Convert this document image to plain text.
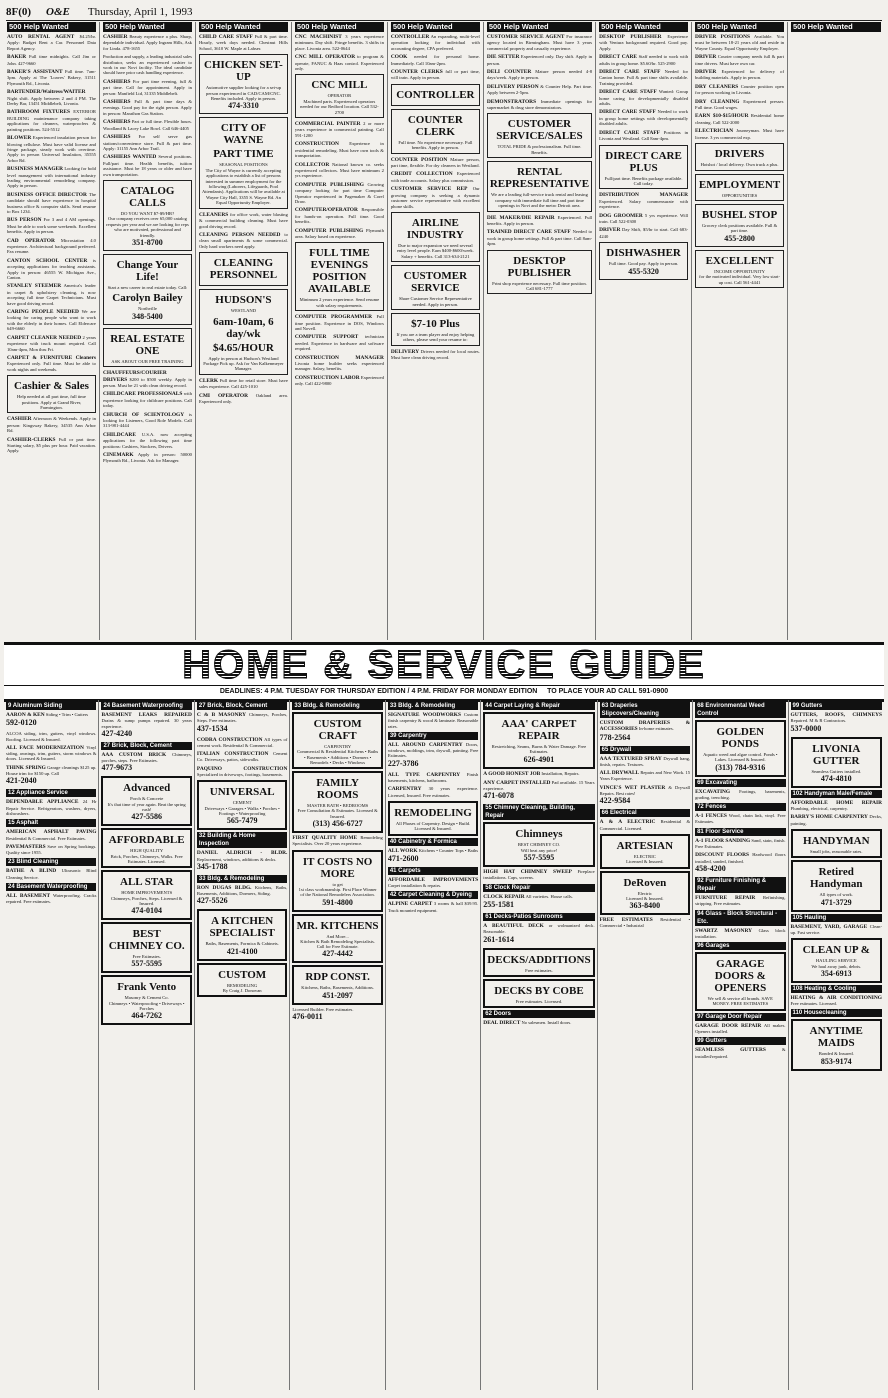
8F(0)	O&E Thursday, April 1, 1993
500 Help Wanted
AUTO RENTAL AGENT $4.25/hr. Apply: Budget Rent a Car. Personnel Data Report Agency.
BAKER Full time midnights. Call Jim or John. 427-9660
BAKER'S ASSISTANT Full time. 7am-3pm. Apply at The 'Loaves' Bakery, 31511 Plymouth Rd., Livonia.
BARTENDER/Waitress/WAITER Night shift. Apply between 2 and 4 PM. The Derby Bar, 13451 Middlebelt, Livonia.
BATHROOM FIXTURES EXTERIOR BUILDING maintenance company taking applications for cleaners, waterproofers & painting positions. 524-5512
BLOWER Experienced insulation person for blowing cellulose. Must have valid license and fringe package, steady work with overtime. Apply in person Universal Insulation, 35555 Arbor Rd.
BUSINESS MANAGER Looking for bold level management with international industry leading environmental remodeling company. Apply in person.
BUSINESS OFFICE DIRECTOR The candidate should have experience in hospital business office & computer skills. Send resume to Box 1234.
BUS PERSON For 3 and 4 AM openings. Must be able to work some weekends. Excellent benefits. Apply in person.
CAD OPERATOR Microstation 4.0 experience. Architectural background preferred. Fax resume.
CANTON SCHOOL CENTER is accepting applications for teaching assistants. Apply in person: 46555 W. Michigan Ave., Canton.
STANLEY STEEMER America's leader in carpet & upholstery cleaning, is now accepting full time Carpet Technicians. Must have good driving record.
CARING PEOPLE NEEDED We are looking for caring people who want to work with the elderly in their homes. Call Eldercare 649-6660
CARPET CLEANER NEEDED 2 years experience with truck mount required. Call 10am-4pm, Mon thru Fri.
CARPET & FURNITURE Cleaners Experienced only. Full time. Must be able to work nights and weekends.
Cashier & Sales
Help needed at all part time, full time positions. Apply at Grand River, Farmington.
CASHIER Afternoon & Weekends. Apply in person: Kingsway Bakery, 34535 Ann Arbor Rd.
CASHIER-CLERKS Full or part time. Starting salary, $5 plus per hour. Paid vacation. Apply.
500 Help Wanted
CASHIER Beauty experience a plus. Sharp, dependable individual. Apply Ingram Hills, Ask for Linda. 478-1655
Production and supply, a leading industrial sales distributor, seeks an experienced cashier to work in our Novi facility. The ideal candidate should have prior cash handling experience.
CASHIERS For part time evening, full & part time. Call for appointment. Apply in person: Manfield Ltd, 31335 Middlebelt.
CASHIERS Full & part time days & evenings. Good pay for the right person. Apply in person: Marathon Gas Station.
CASHIERS Part or full time. Flexible hours. Woodland & Lacey Lake Bowl. Call 646-4405
CASHIERS For self serve gas stations/convenience store. Full & part time. Apply: 31155 Ann Arbor Trail.
CASHIERS WANTED Several positions. Full/part time. Health benefits, tuition assistance. Must be 18 years or older and have own transportation.
CATALOG CALLS
DO YOU WANT $7-$9/HR?
Our company receives over 65,000 catalog requests per year and we are looking for reps who are motivated, professional and friendly.
351-8700
Change Your Life!
Start a new career in real estate today. Call:
Carolyn Bailey
Northville
348-5400
REAL ESTATE ONE
ASK ABOUT OUR FREE TRAINING
CHAUFFEURS/COURIER DRIVERS $200 to $500 weekly. Apply in person. Must be 21 with clean driving record.
CHILDCARE PROFESSIONALS with experience looking for childcare positions. Call today.
CHURCH OF SCIENTOLOGY is looking for Listeners, Good Role Models. Call 313-981-4444
CHILDCARE U.S.A. now accepting applications for the following part time positions: Cashiers, Stockers, Drivers.
CINEMARK Apply in person: 50000 Plymouth Rd., Livonia. Ask for Manager.
500 Help Wanted
CHILD CARE STAFF Full & part time. Hourly, week days needed. Chestnut Hills School, 3610 W. Maple at Lahser.
CHICKEN SET-UP
Automotive supplier looking for a set-up person experienced in CAD/CAM/CNC. Benefits included. Apply in person.
474-3310
CITY OF WAYNE
PART TIME
SEASONAL POSITIONS
The City of Wayne is currently accepting applications to establish a list of persons interested in summer employment for the following (Laborers, Lifeguards, Pool Attendants). Applications will be available at Wayne City Hall, 3355 S. Wayne Rd. An Equal Opportunity Employer.
CLEANERS for office work, water blasting & commercial building cleaning. Must have good driving record.
CLEANING PERSON NEEDED to clean small apartments & some commercial. Only hard workers need apply.
CLEANING PERSONNEL
HUDSON'S
WESTLAND
6am-10am, 6 day/wk
$4.65/HOUR
Apply in person at Hudson's Westland Package Pick up. Ask for Van Kalkenmeyer Manager.
CLERK Full time for retail store. Must have sales experience. Call 425-1010
CMI OPERATOR Oakland area. Experienced only.
500 Help Wanted
CNC MACHINIST 3 years experience minimum. Day shift. Fringe benefits. 3 shifts in place. Livonia area. 522-0644
CNC MILL OPERATOR to program & operate, FANUC & Haas control. Experienced only.
CNC MILL
OPERATOR
Machined parts. Experienced operators needed for our Redford location. Call 532-2700
COMMERCIAL PAINTER 2 or more years experience in commercial painting. Call 591-1200
CONSTRUCTION Experience in residential remodeling. Must have own tools & transportation.
COLLECTOR National known co. seeks experienced collectors. Must have minimum 2 yrs experience.
COMPUTER PUBLISHING Growing company looking for part time Computer Operator experienced in Pagemaker & Corel Draw.
COMPUTER/OPERATOR Responsible for hands-on operation. Full time. Good benefits.
COMPUTER PUBLISHING Plymouth area. Salary based on experience.
FULL TIME EVENINGS POSITION AVAILABLE
Minimum 2 years experience. Send resume with salary requirements.
COMPUTER PROGRAMMER Full time position. Experience in DOS, Windows and Novell.
COMPUTER SUPPORT technician needed. Experience in hardware and software required.
CONSTRUCTION MANAGER Livonia home builder seeks experienced manager. Salary, benefits.
CONSTRUCTION LABOR Experienced only. Call 422-9800
500 Help Wanted
CONTROLLER An expanding, multi-level operation looking for individual with accounting degree, CPA preferred.
COOK needed for personal home. Immediately. Call 10am-2pm.
COUNTER CLERKS full or part time, will train. Apply in person.
CONTROLLER
COUNTER CLERK
Full time. No experience necessary. Full benefits. Apply in person.
COUNTER POSITION Mature person, part time, flexible. For dry cleaners in Westland.
CREDIT COLLECTION Experienced with trade accounts. Salary plus commission.
CUSTOMER SERVICE REP Our growing company is seeking a dynamic customer service representative with excellent phone skills.
AIRLINE INDUSTRY
Due to major expansion we need several entry level people. Earn $400-$600/week. Salary + benefits. Call 313-634-2121
CUSTOMER SERVICE
Share Customer Service Representative needed. Apply in person.
$7-10 Plus
If you are a team player and enjoy helping others, please send your resume to:
DELIVERY Drivers needed for local routes. Must have clean driving record.
500 Help Wanted
CUSTOMER SERVICE AGENT For insurance agency located in Birmingham. Must have 3 years commercial property and casualty experience.
DIE SETTER Experienced only. Day shift. Apply in person.
DELI COUNTER Mature person needed 4-8 days/week. Apply in person.
DELIVERY PERSON & Counter Help. Part time. Apply between 2-5pm.
DEMONSTRATORS Immediate openings for supermarket & drug store demonstrators.
CUSTOMER SERVICE/SALES
TOTAL PRIDE & professionalism. Full time. Benefits.
RENTAL REPRESENTATIVE
We are a leading full-service truck rental and leasing company with immediate full time and part time openings in Novi and the metro Detroit area.
DIE MAKER/DIE REPAIR Experienced. Full benefits. Apply in person.
TRAINED DIRECT CARE STAFF Needed to work in group home settings. Full & part time. Call 8am-4pm.
DESKTOP PUBLISHER
Print shop experience necessary. Full time position. Call 681-1777
500 Help Wanted
DESKTOP PUBLISHER Experience with Ventura background required. Good pay. Apply.
DIRECT CARE Staff needed to work with adults in group home. $5.60/hr. 525-2900
DIRECT CARE STAFF Needed for Canton home. Full & part time shifts available. Training provided.
DIRECT CARE STAFF Wanted: Group home caring for developmentally disabled adults.
DIRECT CARE STAFF Needed to work in group home settings with developmentally disabled adults.
DIRECT CARE STAFF Positions in Livonia and Westland. Call 8am-4pm.
DIRECT CARE PLUS
Full/part time. Benefits package available. Call today.
DISTRIBUTION MANAGER Experienced. Salary commensurate with experience.
DOG GROOMER 5 yrs experience. Will train. Call 522-0300
DRIVER Day Shift, $5/hr to start. Call 683-4240
DISHWASHER
Full time. Good pay. Apply in person.
455-5320
500 Help Wanted
DRIVER POSITIONS Available. You must be between 18-21 years old and reside in Wayne County. Equal Opportunity Employer.
DRIVER Courier company needs full & part time drivers. Must have own car.
DRIVER Experienced for delivery of building materials. Apply in person.
DRY CLEANERS Counter position open for person working in Livonia.
DRY CLEANING Experienced presser. Full time. Good wages.
EARN $10-$15/HOUR Residential home cleaning. Call 522-2000
ELECTRICIAN Journeyman. Must have license. 3 yrs commercial exp.
DRIVERS
Hotshot / local delivery. Own truck a plus.
EMPLOYMENT
OPPORTUNITIES
BUSHEL STOP
Grocery clerk positions available. Full & part time.
455-2800
EXCELLENT
INCOME OPPORTUNITY
for the motivated individual. Very low start-up cost. Call 561-4441
500 Help Wanted
HOME & SERVICE GUIDE
DEADLINES: 4 P.M. TUESDAY FOR THURSDAY EDITION / 4 P.M. FRIDAY FOR MONDAY EDITION TO PLACE YOUR AD CALL 591-0900
9 Aluminum Siding
AARON & KEN Siding • Trim • Gutters
592-0120
ALCOA siding, trim, gutters, vinyl windows. Roofing. Licensed & Insured.
ALL FACE MODERNIZATION Vinyl siding, awnings, trim, gutters, storm windows & doors. Licensed & Insured.
THINK SPRING Garage cleanings $125 up. House trim for $150 up. Call
421-2040
12 Appliance Service
DEPENDABLE APPLIANCE 24 Hr Repair Service. Refrigerators, washers, dryers, dishwashers.
15 Asphalt
AMERICAN ASPHALT PAVING Residential & Commercial. Free Estimates.
PAVEMASTERS Save on Spring bookings. Quality since 1955.
23 Blind Cleaning
BATHE A BLIND Ultrasonic Blind Cleaning Service.
24 Basement Waterproofing
ALL BASEMENT Waterproofing. Cracks repaired. Free estimates.
24 Basement Waterproofing
BASEMENT LEAKS REPAIRED Drains & sump pumps repaired. 30 years experience.
427-4240
27 Brick, Block, Cement
AAA CUSTOM BRICK Chimneys, porches, steps. Free Estimates.
477-9673
Advanced
Porch & Concrete
It's that time of year again. Beat the spring rush!
427-5586
AFFORDABLE
HIGH QUALITY
Brick, Porches, Chimneys, Walks. Free Estimates. Licensed.
ALL STAR
HOME IMPROVEMENTS
Chimneys, Porches, Steps. Licensed & Insured.
474-0104
BEST CHIMNEY CO.
Free Estimates.
557-5595
Frank Vento
Masonry & Cement Co.
Chimneys • Waterproofing • Driveways • Porches
464-7262
27 Brick, Block, Cement
C & B MASONRY Chimneys, Porches, Steps. Free estimates.
437-1534
CODRA CONSTRUCTION All types of cement work. Residential & Commercial.
ITALIAN CONSTRUCTION Cement Co. Driveways, patios, sidewalks.
PAQUINO CONSTRUCTION Specialized in driveways, footings, basements.
UNIVERSAL
CEMENT
Driveways • Garages • Walks • Porches • Footings • Waterproofing
565-7479
32 Building & Home Inspection
DANIEL ALDRICH - BLDR. Replacement, windows, additions & decks.
345-1788
33 Bldg. & Remodeling
RON DUGAS BLDG. Kitchens, Baths, Basements, Additions, Dormers, Siding.
427-5526
A KITCHEN SPECIALIST
Baths, Basements, Formica & Cabinets.
421-4100
CUSTOM
REMODELING
By Craig J. Donovan
33 Bldg. & Remodeling
CUSTOM CRAFT
CARPENTRY
Commercial & Residential Kitchens • Baths • Basements • Additions • Dormers • Remodels • Decks • Windows
FAMILY ROOMS
MASTER BATH • BEDROOMS
Free Consultation & Estimates. Licensed & Insured.
(313) 456-6727
FIRST QUALITY HOME Remodeling Specialists. Over 20 years experience.
IT COSTS NO MORE
to get
1st class workmanship. First Place Winner of the National Remodelers Association.
591-4800
MR. KITCHENS
And More...
Kitchen & Bath Remodeling Specialists. Call for Free Estimate.
427-4442
RDP CONST.
Kitchens, Baths, Basements, Additions.
451-2097
Licensed Builder. Free estimates.
476-0011
33 Bldg. & Remodeling
SIGNATURE WOODWORKS Custom finish carpentry & wood & laminate. Reasonable rates.
39 Carpentry
ALL AROUND CARPENTRY Doors, windows, moldings, trim, drywall, painting. Free Estimates.
227-3786
ALL TYPE CARPENTRY Finish basements, kitchens, bathrooms.
CARPENTRY 30 years experience. Licensed, Insured. Free estimates.
REMODELING
All Phases of Carpentry. Design • Build. Licensed & Insured.
40 Cabinetry & Formica
ALL WORK Kitchens • Counter Tops • Baths
471-2600
41 Carpets
AFFORDABLE IMPROVEMENTS Carpet installation & repairs.
42 Carpet Cleaning & Dyeing
ALPINE CARPET 3 rooms & hall $39.95. Truck mounted equipment.
44 Carpet Laying & Repair
AAA' CARPET REPAIR
Restretching, Seams, Burns & Water Damage. Free Estimates.
626-4901
A GOOD HONEST JOB Installation, Repairs.
ANY CARPET INSTALLED Pad available. 15 Years experience.
471-6078
55 Chimney Cleaning, Building, Repair
Chimneys
BEST CHIMNEY CO.
Will beat any price!
557-5595
HIGH HAT CHIMNEY SWEEP Fireplace installations. Caps, screens.
58 Clock Repair
CLOCK REPAIR All varieties. House calls.
255-1581
61 Decks-Patios Sunrooms
A BEAUTIFUL DECK or wolmanized deck. Reasonable.
261-1614
DECKS/ADDITIONS
Free estimates.
DECKS BY COBE
Free estimates. Licensed.
62 Doors
DEAL DIRECT No salesmen. Install doors.
63 Draperies Slipcovers/Cleaning
CUSTOM DRAPERIES & ACCESSORIES In-home estimates.
778-2564
65 Drywall
AAA TEXTURED SPRAY Drywall hang, finish, repairs. Textures.
ALL DRYWALL Repairs and New Work. 15 Years Experience.
VINCE'S WET PLASTER & Drywall Repairs. Best rates!
422-9584
66 Electrical
A & A ELECTRIC Residential & Commercial. Licensed.
ARTESIAN
ELECTRIC
Licensed & Insured.
DeRoven
Electric
Licensed & Insured.
363-8400
FREE ESTIMATES Residential • Commercial • Industrial
68 Environmental Weed Control
GOLDEN PONDS
Aquatic weed and algae control. Ponds • Lakes. Licensed & Insured.
(313) 784-9316
69 Excavating
EXCAVATING Footings, basements, grading, trenching.
72 Fences
A-1 FENCES Wood, chain link, vinyl. Free Estimates.
81 Floor Service
A-1 FLOOR SANDING Sand, stain, finish. Free Estimates.
DISCOUNT FLOORS Hardwood floors installed, sanded, finished.
458-4200
92 Furniture Finishing & Repair
FURNITURE REPAIR Refinishing, stripping. Free estimates.
94 Glass - Block Structural - Etc.
SWARTZ MASONRY Glass block installation.
96 Garages
GARAGE DOORS & OPENERS
We sell & service all brands. SAVE MONEY. FREE ESTIMATES
97 Garage Door Repair
GARAGE DOOR REPAIR All makes. Openers installed.
99 Gutters
SEAMLESS GUTTERS	& installed/repaired.
99 Gutters
GUTTERS, ROOFS, CHIMNEYS Repaired. M & R Contractors.
537-0000
LIVONIA GUTTER
Seamless Gutters installed.
474-4810
102 Handyman Male/Female
AFFORDABLE HOME REPAIR Plumbing, electrical, carpentry.
BARRY'S HOME CARPENTRY Decks, painting.
HANDYMAN
Small jobs, reasonable rates.
Retired Handyman
All types of work.
471-3729
105 Hauling
BASEMENT, YARD, GARAGE Clean-up. Fast service.
CLEAN UP &
HAULING SERVICE
We haul away junk, debris.
354-6913
108 Heating & Cooling
HEATING & AIR CONDITIONING Free estimates. Licensed.
110 Housecleaning
ANYTIME MAIDS
Bonded & Insured.
853-9174
